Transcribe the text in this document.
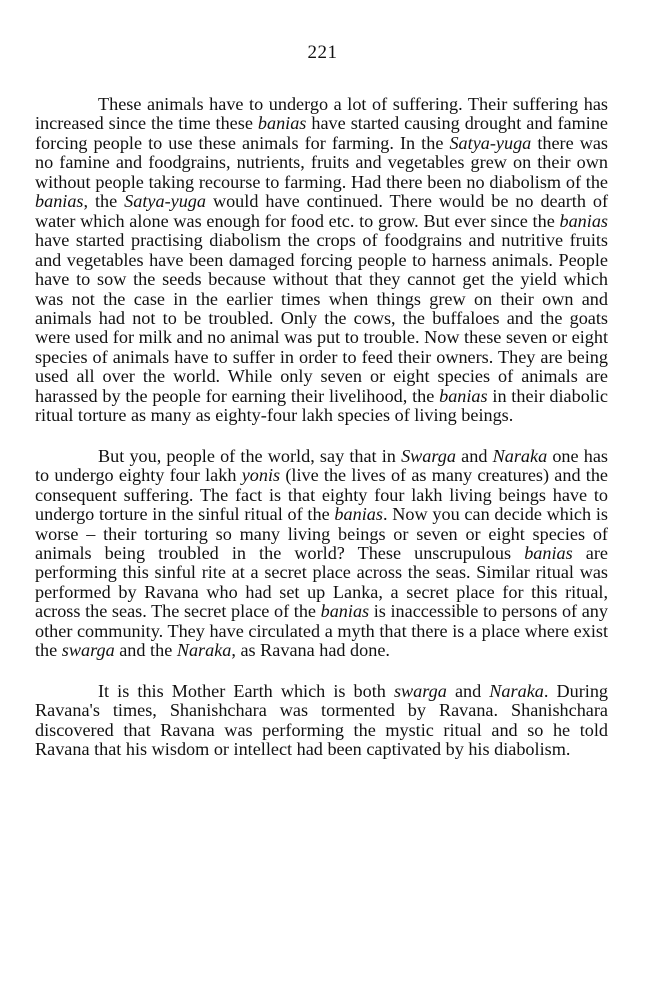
221

These animals have to undergo a lot of suffering. Their suffering has increased since the time these banias have started causing drought and famine forcing people to use these animals for farming. In the Satya-yuga there was no famine and foodgrains, nutrients, fruits and vegetables grew on their own without people taking recourse to farming. Had there been no diabolism of the banias, the Satya-yuga would have continued. There would be no dearth of water which alone was enough for food etc. to grow. But ever since the banias have started practising diabolism the crops of foodgrains and nutritive fruits and vegetables have been damaged forcing people to harness animals. People have to sow the seeds because without that they cannot get the yield which was not the case in the earlier times when things grew on their own and animals had not to be troubled. Only the cows, the buffaloes and the goats were used for milk and no animal was put to trouble. Now these seven or eight species of animals have to suffer in order to feed their owners. They are being used all over the world. While only seven or eight species of animals are harassed by the people for earning their livelihood, the banias in their diabolic ritual torture as many as eighty-four lakh species of living beings.

But you, people of the world, say that in Swarga and Naraka one has to undergo eighty four lakh yonis (live the lives of as many creatures) and the consequent suffering. The fact is that eighty four lakh living beings have to undergo torture in the sinful ritual of the banias. Now you can decide which is worse – their torturing so many living beings or seven or eight species of animals being troubled in the world? These unscrupulous banias are performing this sinful rite at a secret place across the seas. Similar ritual was performed by Ravana who had set up Lanka, a secret place for this ritual, across the seas. The secret place of the banias is inaccessible to persons of any other community. They have circulated a myth that there is a place where exist the swarga and the Naraka, as Ravana had done.

It is this Mother Earth which is both swarga and Naraka. During Ravana's times, Shanishchara was tormented by Ravana. Shanishchara discovered that Ravana was performing the mystic ritual and so he told Ravana that his wisdom or intellect had been captivated by his diabolism.
